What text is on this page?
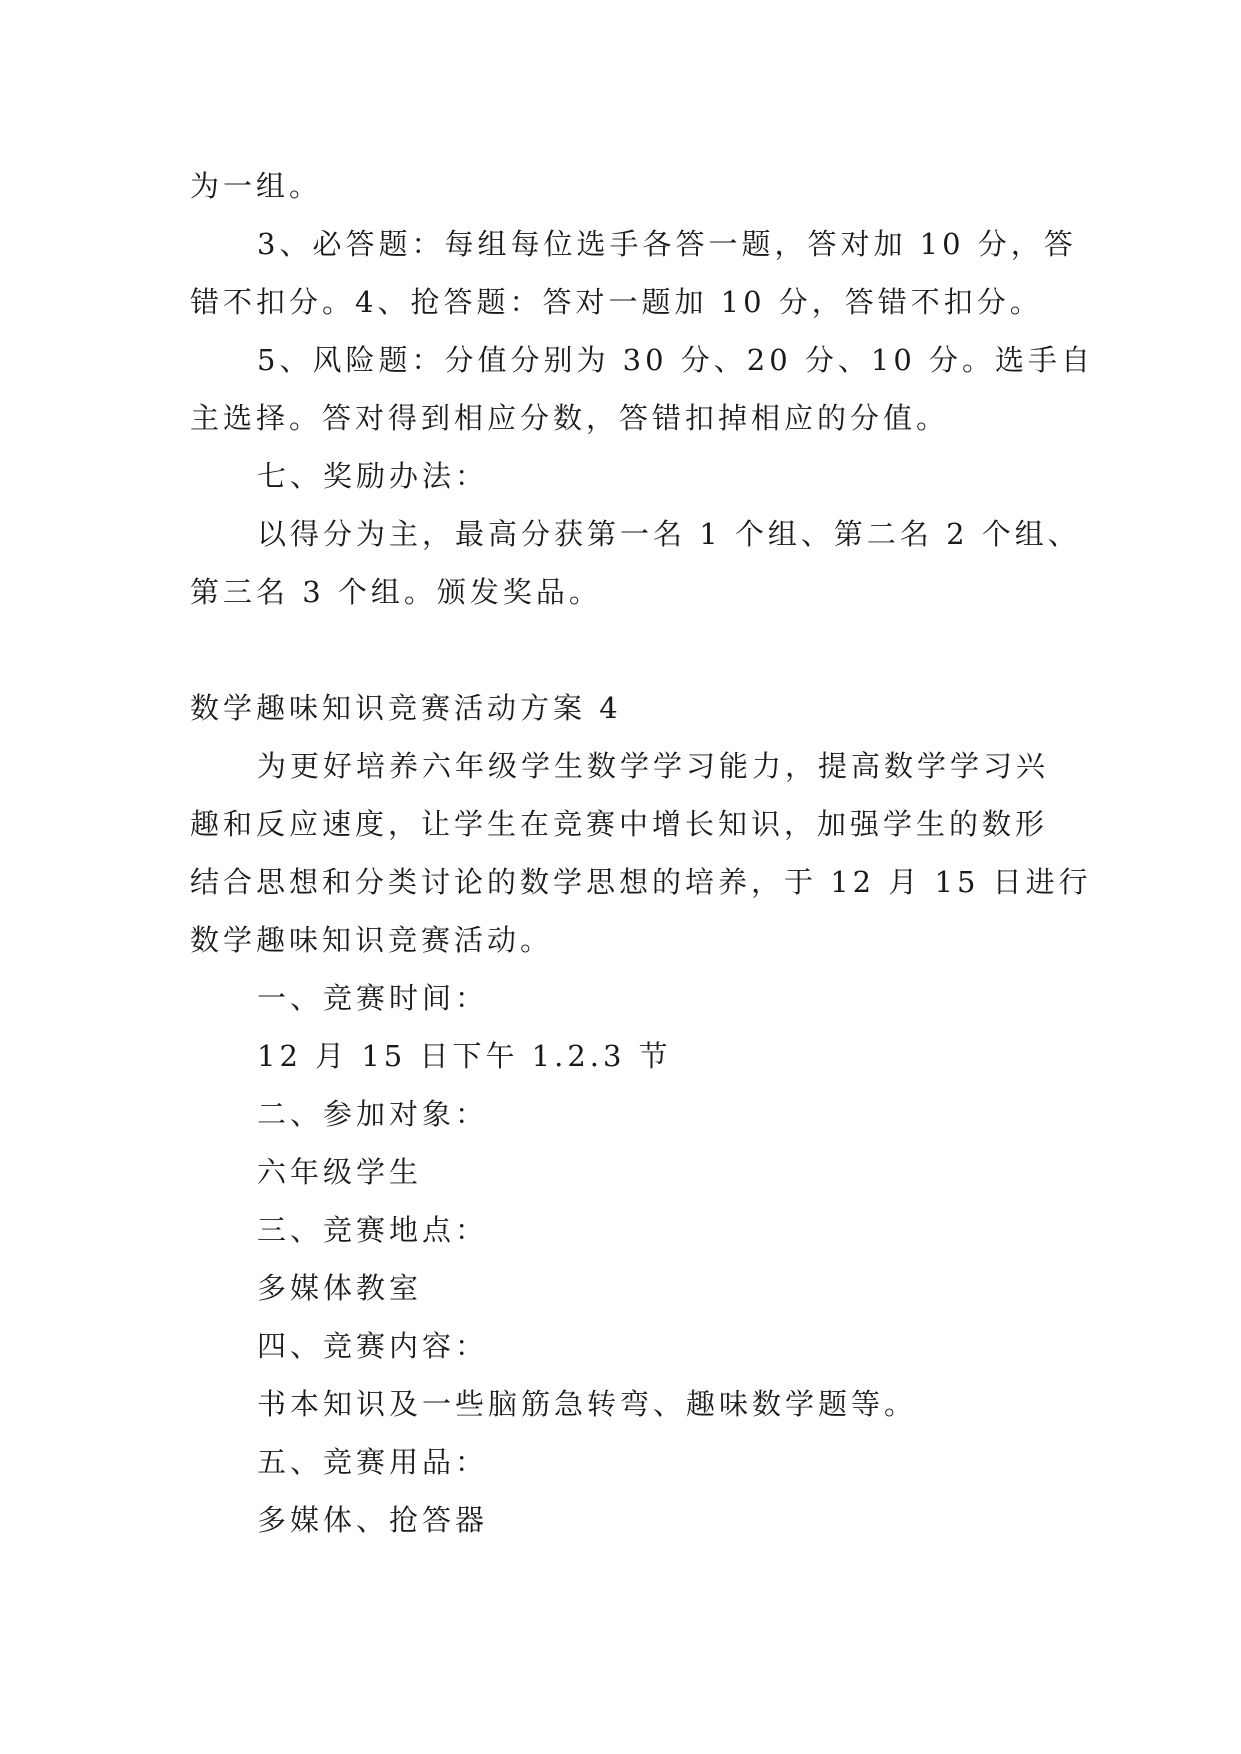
为一组。
3、必答题：每组每位选手各答一题，答对加 10 分，答
错不扣分。4、抢答题：答对一题加 10 分，答错不扣分。
5、风险题：分值分别为 30 分、20 分、10 分。选手自
主选择。答对得到相应分数，答错扣掉相应的分值。
七、奖励办法：
以得分为主，最高分获第一名 1 个组、第二名 2 个组、
第三名 3 个组。颁发奖品。
数学趣味知识竞赛活动方案 4
为更好培养六年级学生数学学习能力，提高数学学习兴
趣和反应速度，让学生在竞赛中增长知识，加强学生的数形
结合思想和分类讨论的数学思想的培养，于 12 月 15 日进行
数学趣味知识竞赛活动。
一、竞赛时间：
12 月 15 日下午 1.2.3 节
二、参加对象：
六年级学生
三、竞赛地点：
多媒体教室
四、竞赛内容：
书本知识及一些脑筋急转弯、趣味数学题等。
五、竞赛用品：
多媒体、抢答器
